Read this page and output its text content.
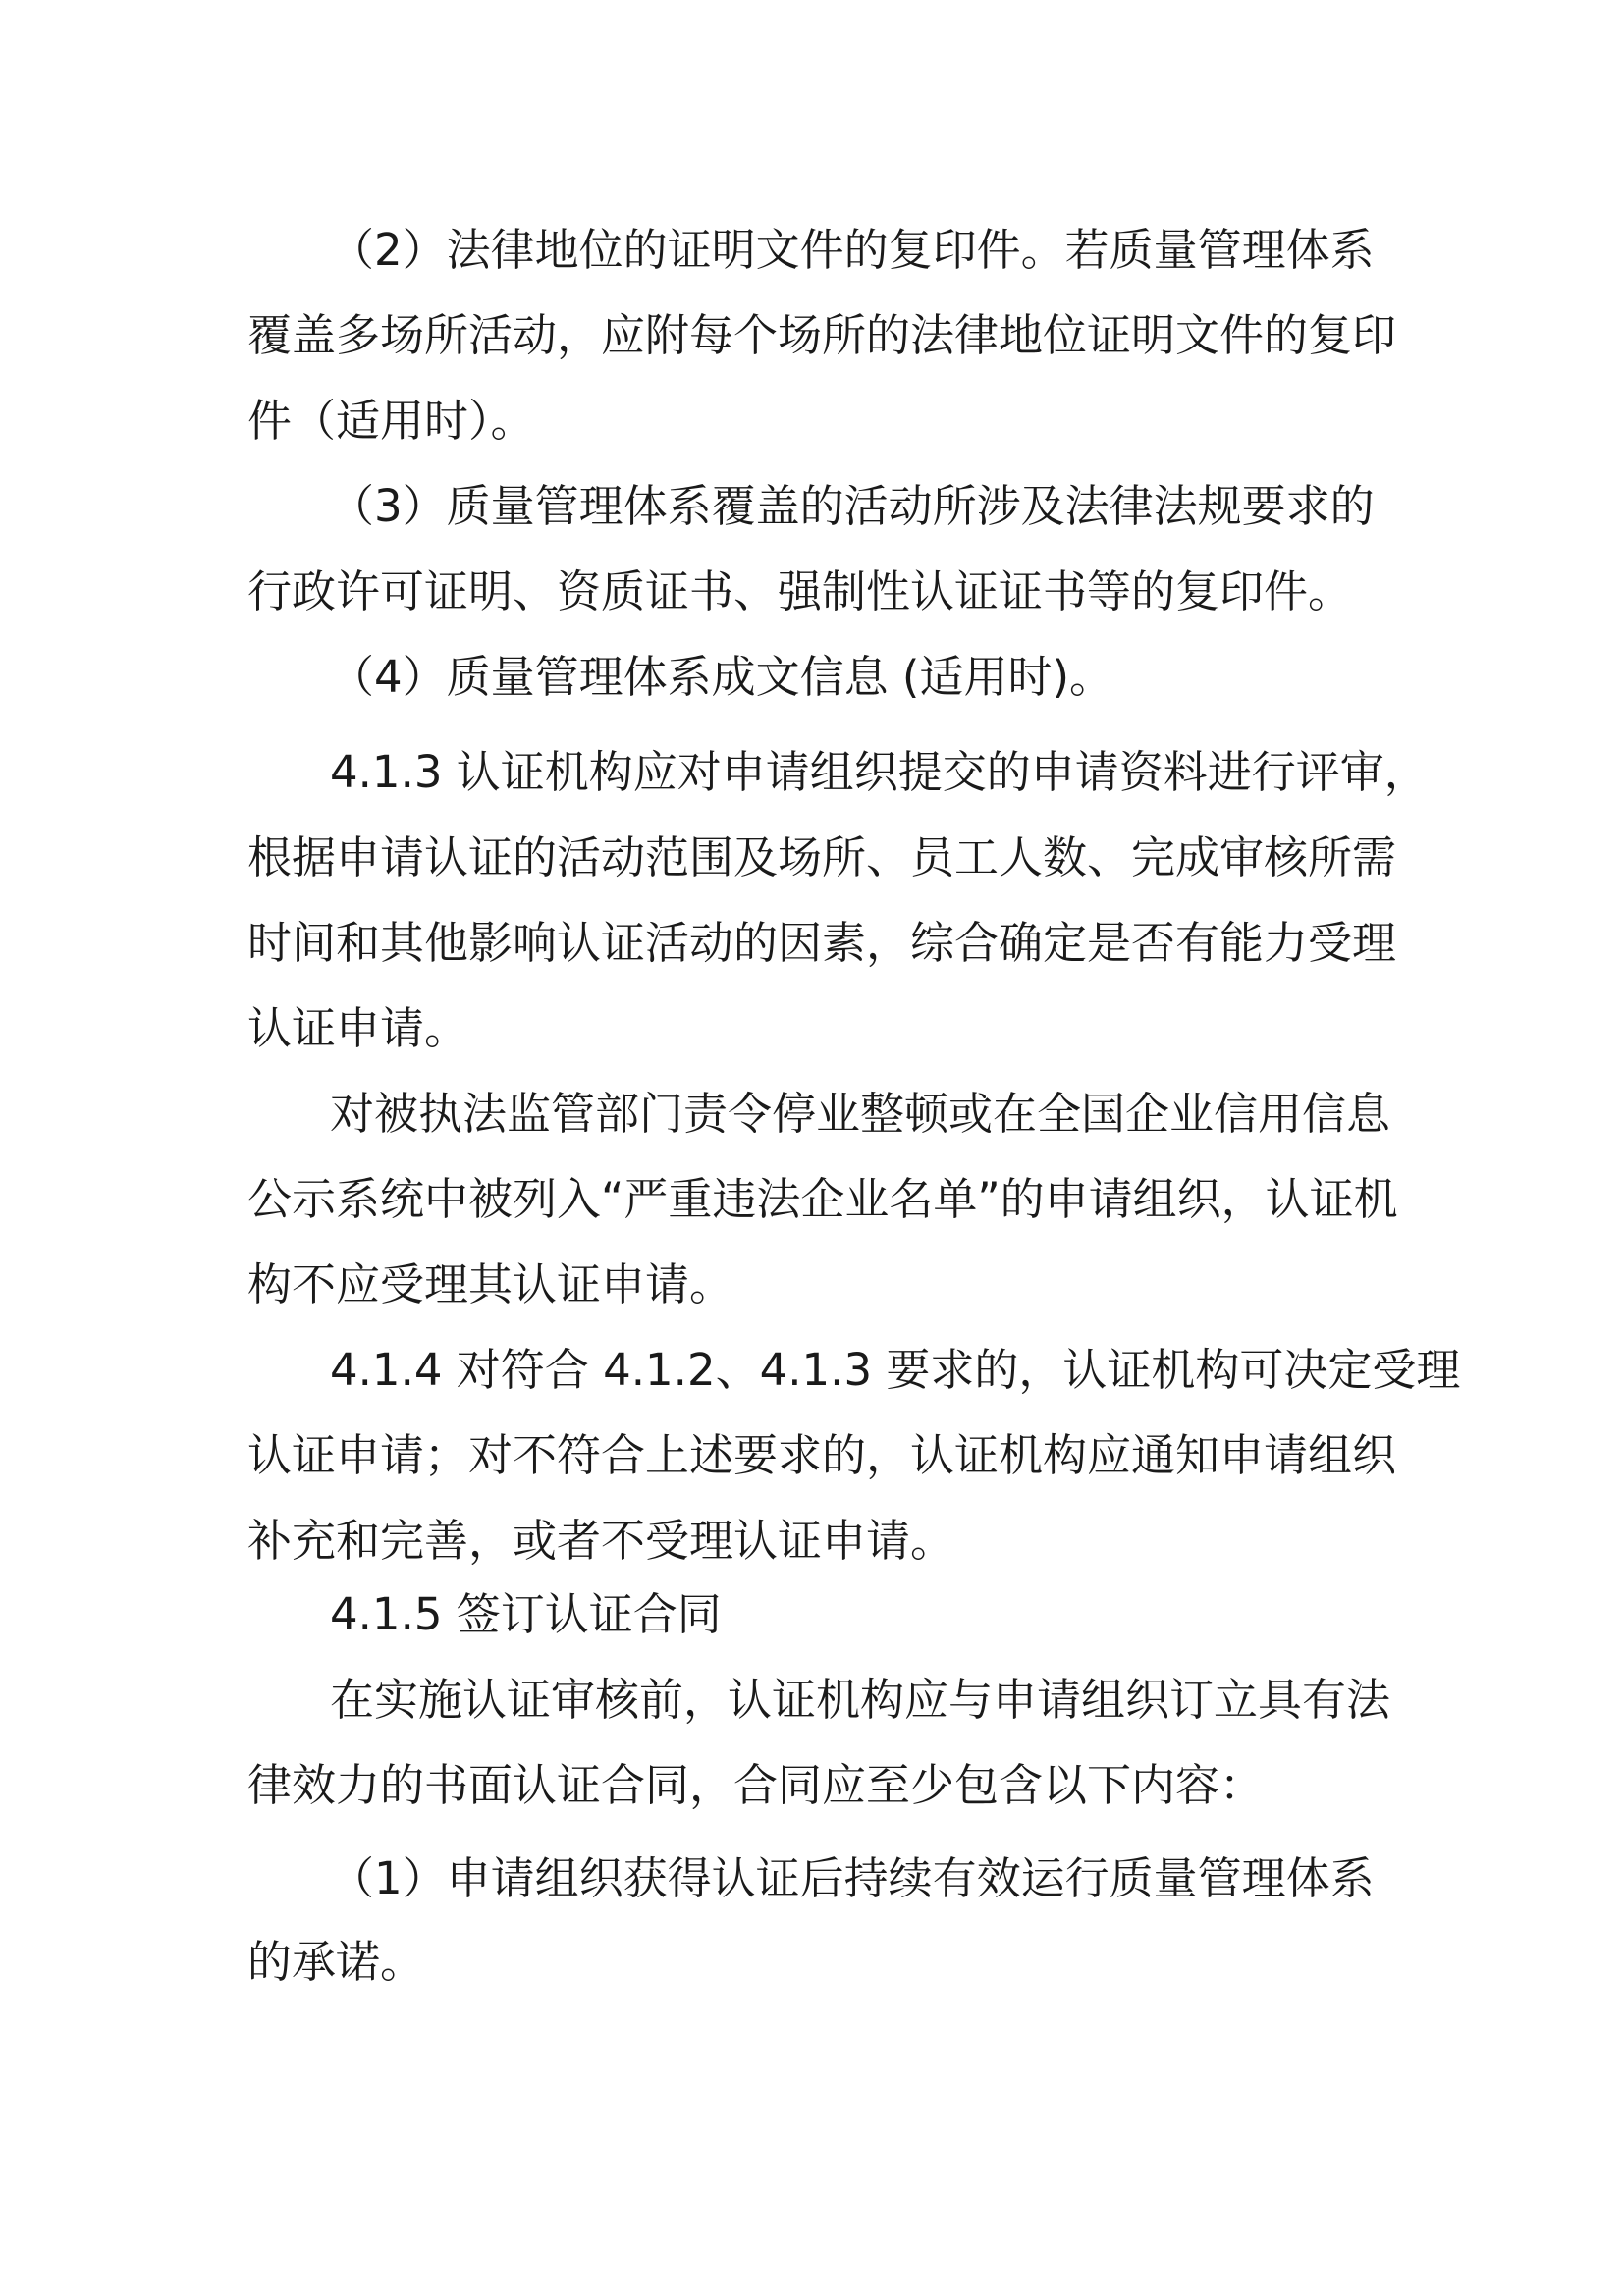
（2）法律地位的证明文件的复印件。若质量管理体系
覆盖多场所活动，应附每个场所的法律地位证明文件的复印
件（适用时）。
（3）质量管理体系覆盖的活动所涉及法律法规要求的
行政许可证明、资质证书、强制性认证证书等的复印件。
（4）质量管理体系成文信息 (适用时)。
4.1.3 认证机构应对申请组织提交的申请资料进行评审，
根据申请认证的活动范围及场所、员工人数、完成审核所需
时间和其他影响认证活动的因素，综合确定是否有能力受理
认证申请。
对被执法监管部门责令停业整顿或在全国企业信用信息
公示系统中被列入“严重违法企业名单”的申请组织，认证机
构不应受理其认证申请。
4.1.4 对符合 4.1.2、4.1.3 要求的，认证机构可决定受理
认证申请；对不符合上述要求的，认证机构应通知申请组织
补充和完善，或者不受理认证申请。
4.1.5 签订认证合同
在实施认证审核前，认证机构应与申请组织订立具有法
律效力的书面认证合同，合同应至少包含以下内容：
（1）申请组织获得认证后持续有效运行质量管理体系
的承诺。
